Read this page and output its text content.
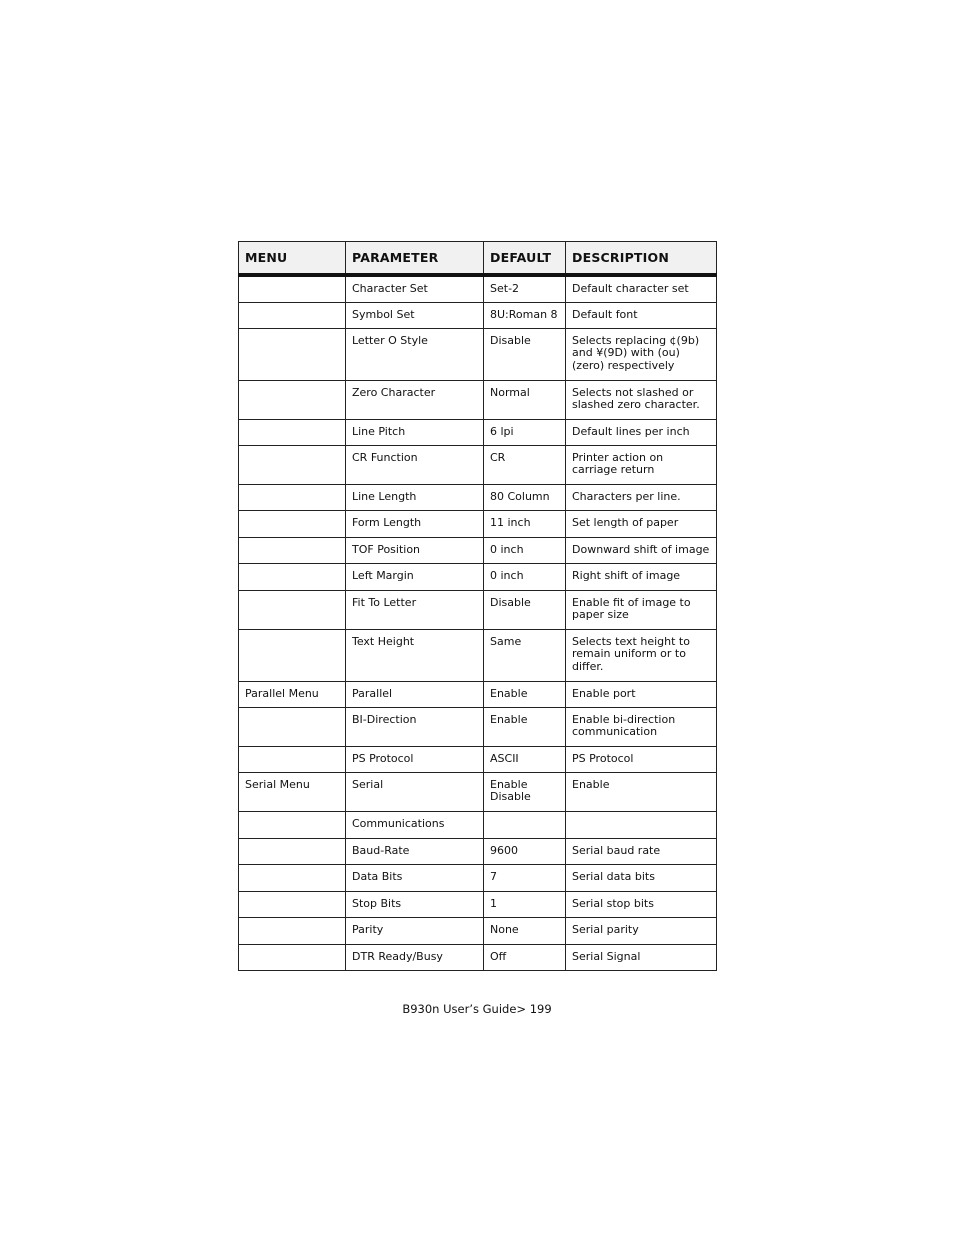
MENU	PARAMETER	DEFAULT	DESCRIPTION
	Character Set	Set-2	Default character set
	Symbol Set	8U:Roman 8	Default font
	Letter O Style	Disable	Selects replacing ¢(9b) and ¥(9D) with (ou) (zero) respectively
	Zero Character	Normal	Selects not slashed or slashed zero character.
	Line Pitch	6 lpi	Default lines per inch
	CR Function	CR	Printer action on carriage return
	Line Length	80 Column	Characters per line.
	Form Length	11 inch	Set length of paper
	TOF Position	0 inch	Downward shift of image
	Left Margin	0 inch	Right shift of image
	Fit To Letter	Disable	Enable fit of image to paper size
	Text Height	Same	Selects text height to remain uniform or to differ.
Parallel Menu	Parallel	Enable	Enable port
	BI-Direction	Enable	Enable bi-direction communication
	PS Protocol	ASCII	PS Protocol
Serial Menu	Serial	Enable Disable	Enable
	Communications		
	Baud-Rate	9600	Serial baud rate
	Data Bits	7	Serial data bits
	Stop Bits	1	Serial stop bits
	Parity	None	Serial parity
	DTR Ready/Busy	Off	Serial Signal
B930n User’s Guide> 199
